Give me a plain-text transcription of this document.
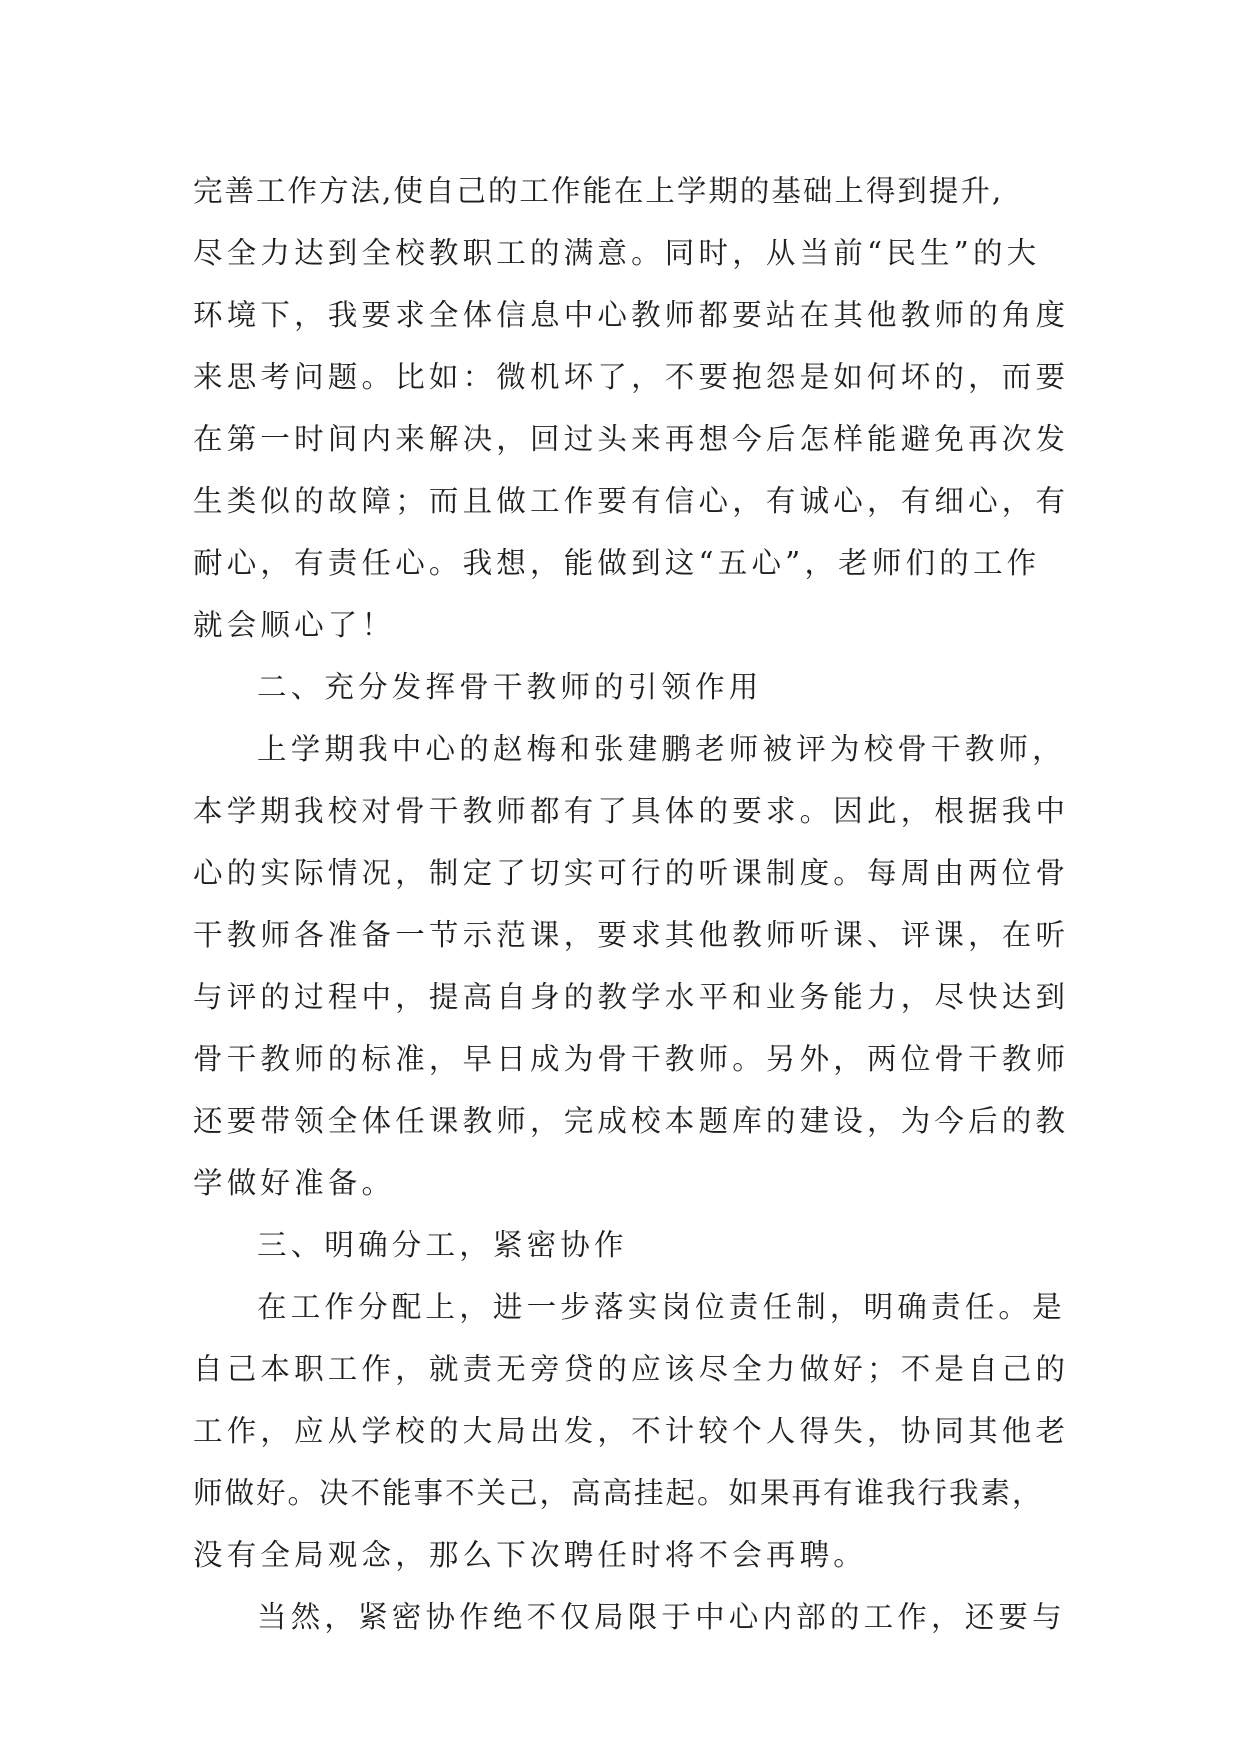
完善工作方法,使自己的工作能在上学期的基础上得到提升,
尽全力达到全校教职工的满意。同时，从当前“民生”的大
环境下，我要求全体信息中心教师都要站在其他教师的角度
来思考问题。比如：微机坏了，不要抱怨是如何坏的，而要
在第一时间内来解决，回过头来再想今后怎样能避免再次发
生类似的故障；而且做工作要有信心，有诚心，有细心，有
耐心，有责任心。我想，能做到这“五心”，老师们的工作
就会顺心了！
二、充分发挥骨干教师的引领作用
上学期我中心的赵梅和张建鹏老师被评为校骨干教师，
本学期我校对骨干教师都有了具体的要求。因此，根据我中
心的实际情况，制定了切实可行的听课制度。每周由两位骨
干教师各准备一节示范课，要求其他教师听课、评课，在听
与评的过程中，提高自身的教学水平和业务能力，尽快达到
骨干教师的标准，早日成为骨干教师。另外，两位骨干教师
还要带领全体任课教师，完成校本题库的建设，为今后的教
学做好准备。
三、明确分工，紧密协作
在工作分配上，进一步落实岗位责任制，明确责任。是
自己本职工作，就责无旁贷的应该尽全力做好；不是自己的
工作，应从学校的大局出发，不计较个人得失，协同其他老
师做好。决不能事不关己，高高挂起。如果再有谁我行我素，
没有全局观念，那么下次聘任时将不会再聘。
当然，紧密协作绝不仅局限于中心内部的工作，还要与
